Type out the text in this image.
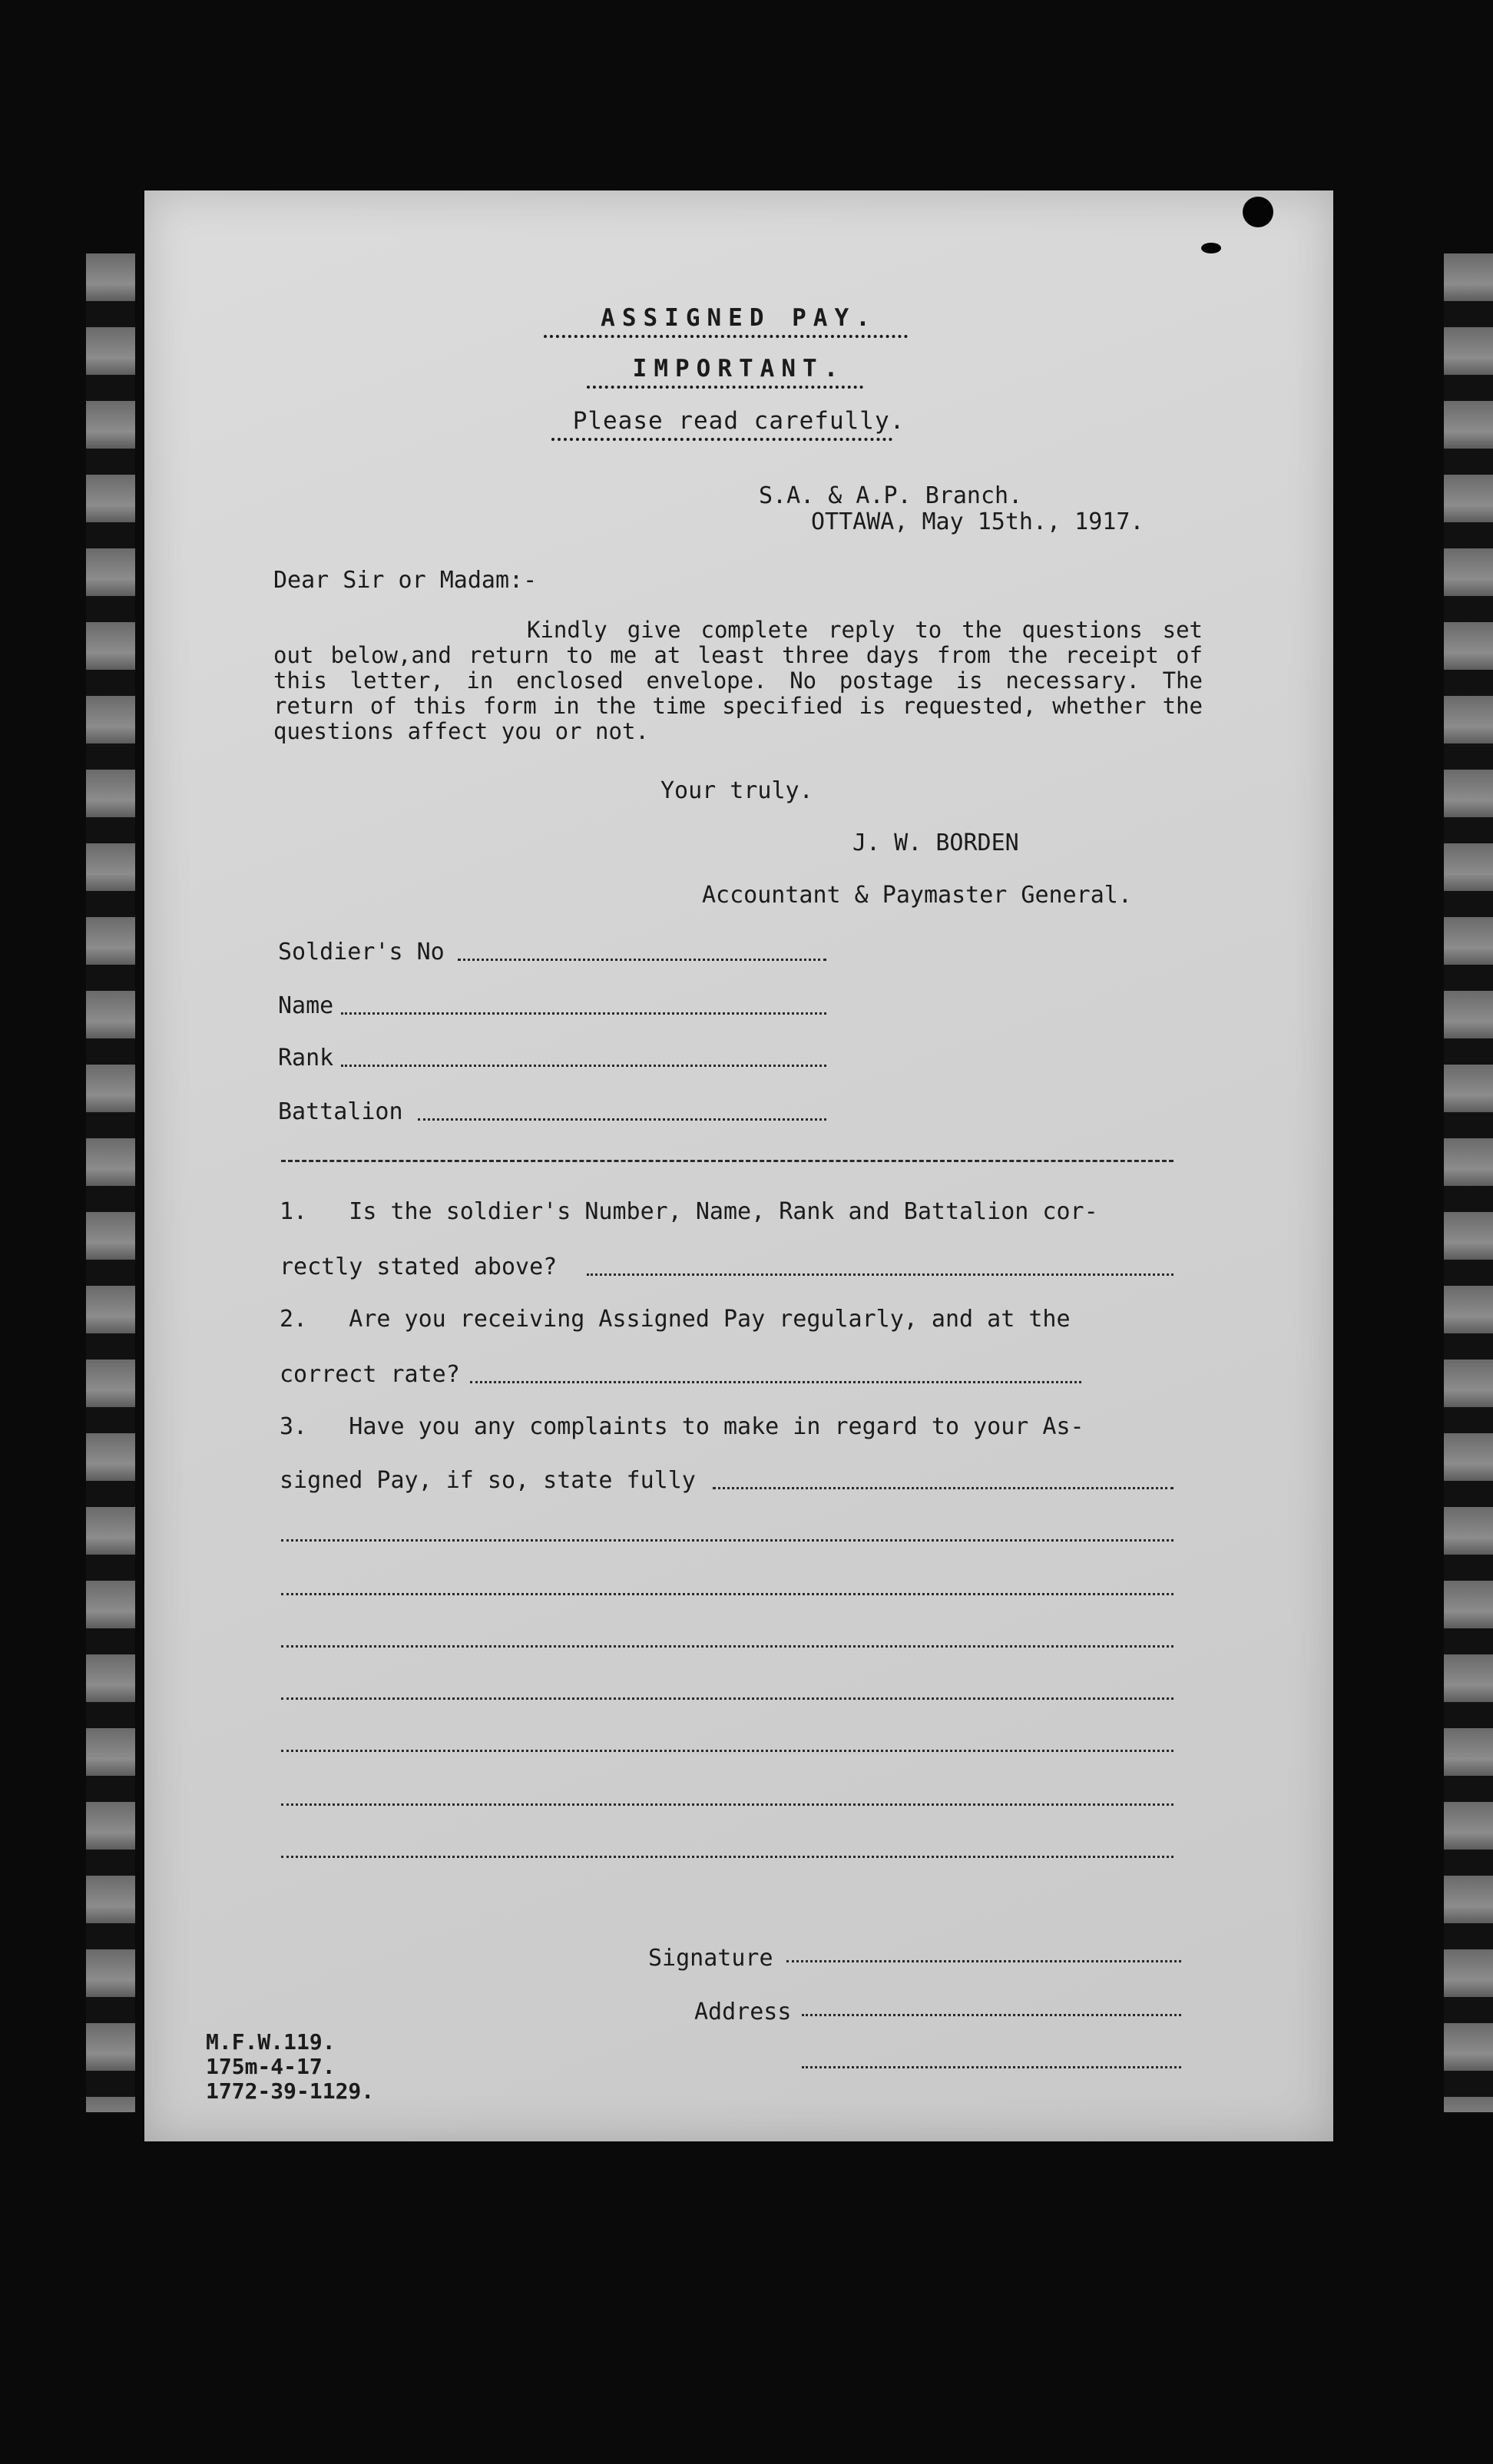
ASSIGNED PAY.
IMPORTANT.
Please read carefully.
S.A. & A.P. Branch.
OTTAWA, May 15th., 1917.
Dear Sir or Madam:-
Kindly give complete reply to the questions set out below,and return to me at least three days from the receipt of this letter, in enclosed envelope. No postage is necessary. The return of this form in the time specified is requested, whether the questions affect you or not.
Your truly.
J. W. BORDEN
Accountant & Paymaster General.
Soldier's No
Name
Rank
Battalion
1.   Is the soldier's Number, Name, Rank and Battalion cor-
rectly stated above?
2.   Are you receiving Assigned Pay regularly, and at the
correct rate?
3.   Have you any complaints to make in regard to your As-
signed Pay, if so, state fully
Signature
Address
M.F.W.119.
175m-4-17.
1772-39-1129.
